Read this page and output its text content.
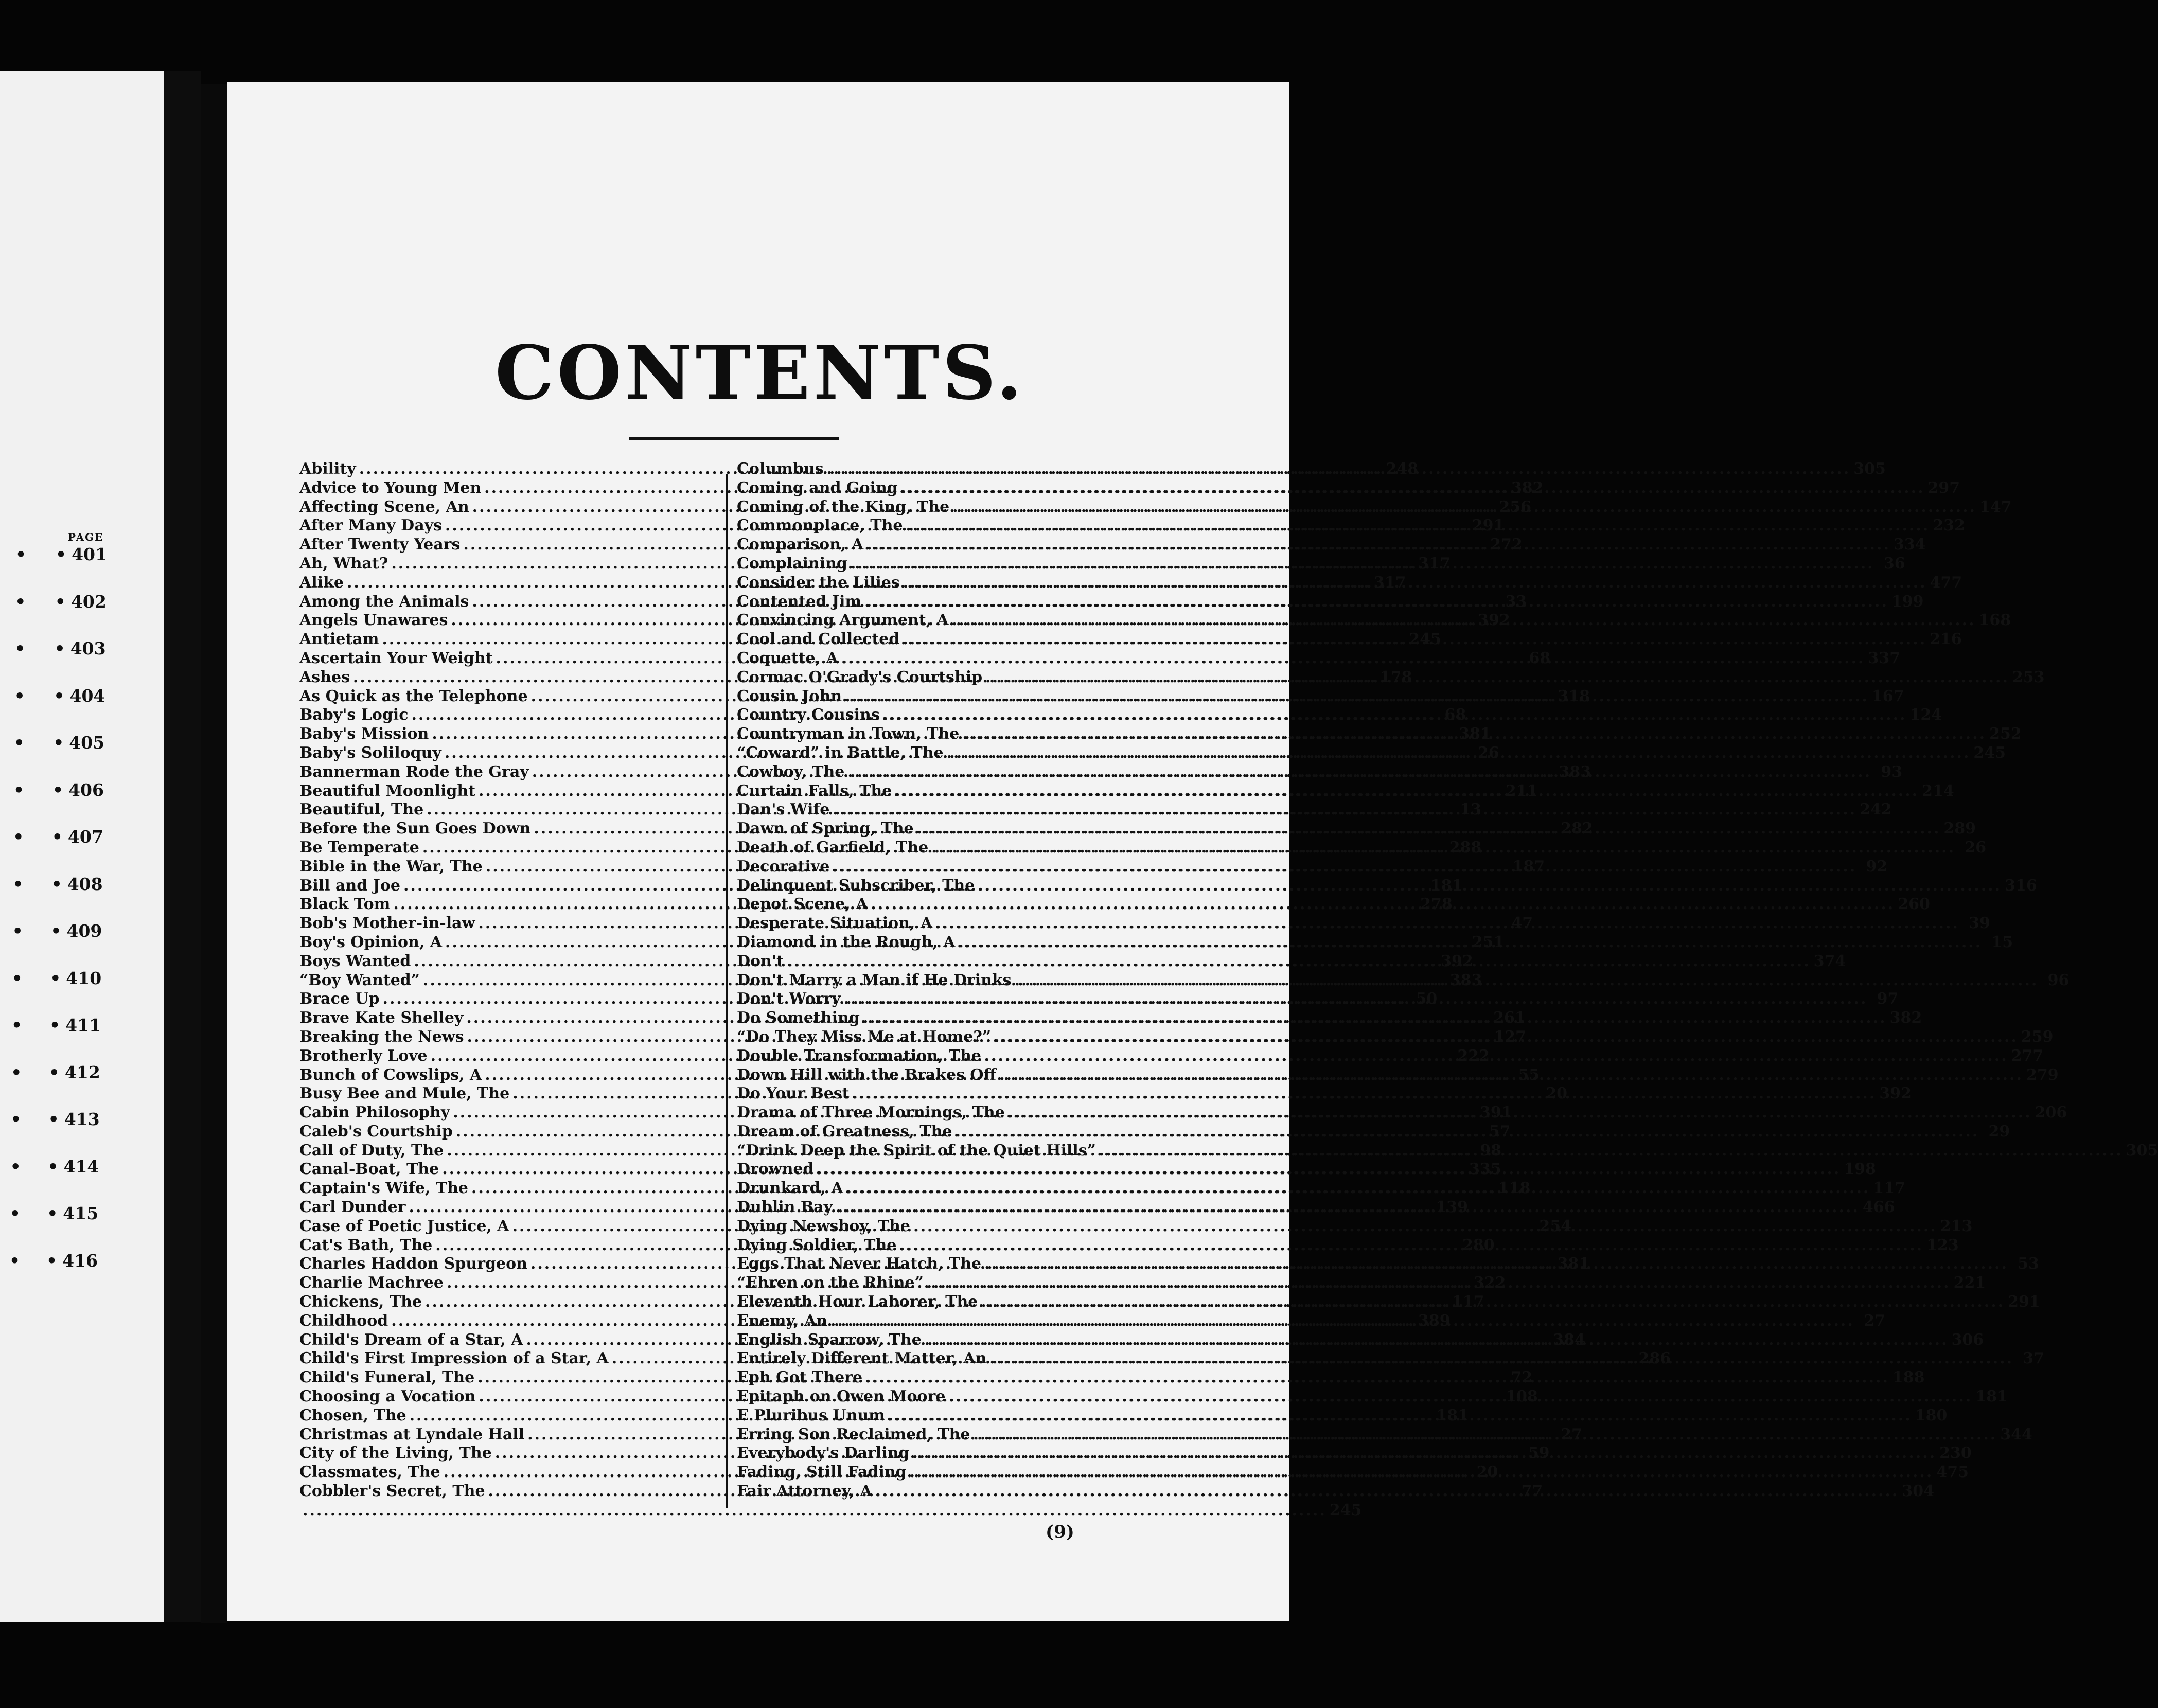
PAGE
• • 401
• • 402
• • 403
• • 404
• • 405
• • 406
• • 407
• • 408
• • 409
• • 410
• • 411
• • 412
• • 413
• • 414
• • 415
• • 416
CONTENTS.
Ability .....	248
Advice to Young Men .....	382
Affecting Scene, An .....	256
After Many Days .....	291
After Twenty Years .....	272
Ah, What? .....	317
Alike .....	317
Among the Animals .....	33
Angels Unawares .....	392
Antietam .....	245
Ascertain Your Weight .....	68
Ashes .....	178
As Quick as the Telephone .....	318
Baby's Logic .....	68
Baby's Mission .....	381
Baby's Soliloquy .....	26
Bannerman Rode the Gray .....	383
Beautiful Moonlight .....	211
Beautiful, The .....	13
Before the Sun Goes Down .....	282
Be Temperate .....	288
Bible in the War, The .....	187
Bill and Joe .....	181
Black Tom .....	278
Bob's Mother-in-law .....	47
Boy's Opinion, A .....	251
Boys Wanted .....	392
“Boy Wanted” .....	383
Brace Up .....	50
Brave Kate Shelley .....	261
Breaking the News .....	127
Brotherly Love .....	222
Bunch of Cowslips, A .....	55
Busy Bee and Mule, The .....	20
Cabin Philosophy .....	391
Caleb's Courtship .....	57
Call of Duty, The .....	98
Canal-Boat, The .....	335
Captain's Wife, The .....	118
Carl Dunder .....	139
Case of Poetic Justice, A .....	254
Cat's Bath, The .....	280
Charles Haddon Spurgeon .....	381
Charlie Machree .....	322
Chickens, The .....	117
Childhood .....	389
Child's Dream of a Star, A .....	384
Child's First Impression of a Star, A .....	286
Child's Funeral, The .....	72
Choosing a Vocation .....	108
Chosen, The .....	181
Christmas at Lyndale Hall .....	27
City of the Living, The .....	59
Classmates, The .....	20
Cobbler's Secret, The .....	77
.....
245
Columbus .....	305
Coming and Going .....	297
Coming of the King, The .....	147
Commonplace, The .....	232
Comparison, A .....	334
Complaining .....	36
Consider the Lilies .....	477
Contented Jim .....	199
Convincing Argument, A .....	168
Cool and Collected .....	216
Coquette, A .....	337
Cormac O'Grady's Courtship .....	253
Cousin John .....	167
Country Cousins .....	124
Countryman in Town, The .....	252
“Coward” in Battle, The .....	245
Cowboy, The .....	93
Curtain Falls, The .....	214
Dan's Wife .....	242
Dawn of Spring, The .....	289
Death of Garfield, The .....	26
Decorative .....	92
Delinquent Subscriber, The .....	316
Depot Scene, A .....	260
Desperate Situation, A .....	39
Diamond in the Rough, A .....	15
Don't .....	374
Don't Marry a Man if He Drinks .....	96
Don't Worry .....	97
Do Something .....	382
“Do They Miss Me at Home?” .....	259
Double Transformation, The .....	277
Down Hill with the Brakes Off .....	279
Do Your Best .....	392
Drama of Three Mornings, The .....	206
Dream of Greatness, The .....	29
“Drink Deep the Spirit of the Quiet Hills” .....	305
Drowned .....	198
Drunkard, A .....	117
Dublin Bay .....	466
Dying Newsboy, The .....	213
Dying Soldier, The .....	123
Eggs That Never Hatch, The .....	53
“Ehren on the Rhine” .....	221
Eleventh Hour Laborer, The .....	291
Enemy, An .....	27
English Sparrow, The .....	306
Entirely Different Matter, An .....	37
Eph Got There .....	188
Epitaph on Owen Moore .....	181
E Pluribus Unum .....	180
Erring Son Reclaimed, The .....	344
Everybody's Darling .....	230
Fading, Still Fading .....	475
Fair Attorney, A .....	304
(9)
